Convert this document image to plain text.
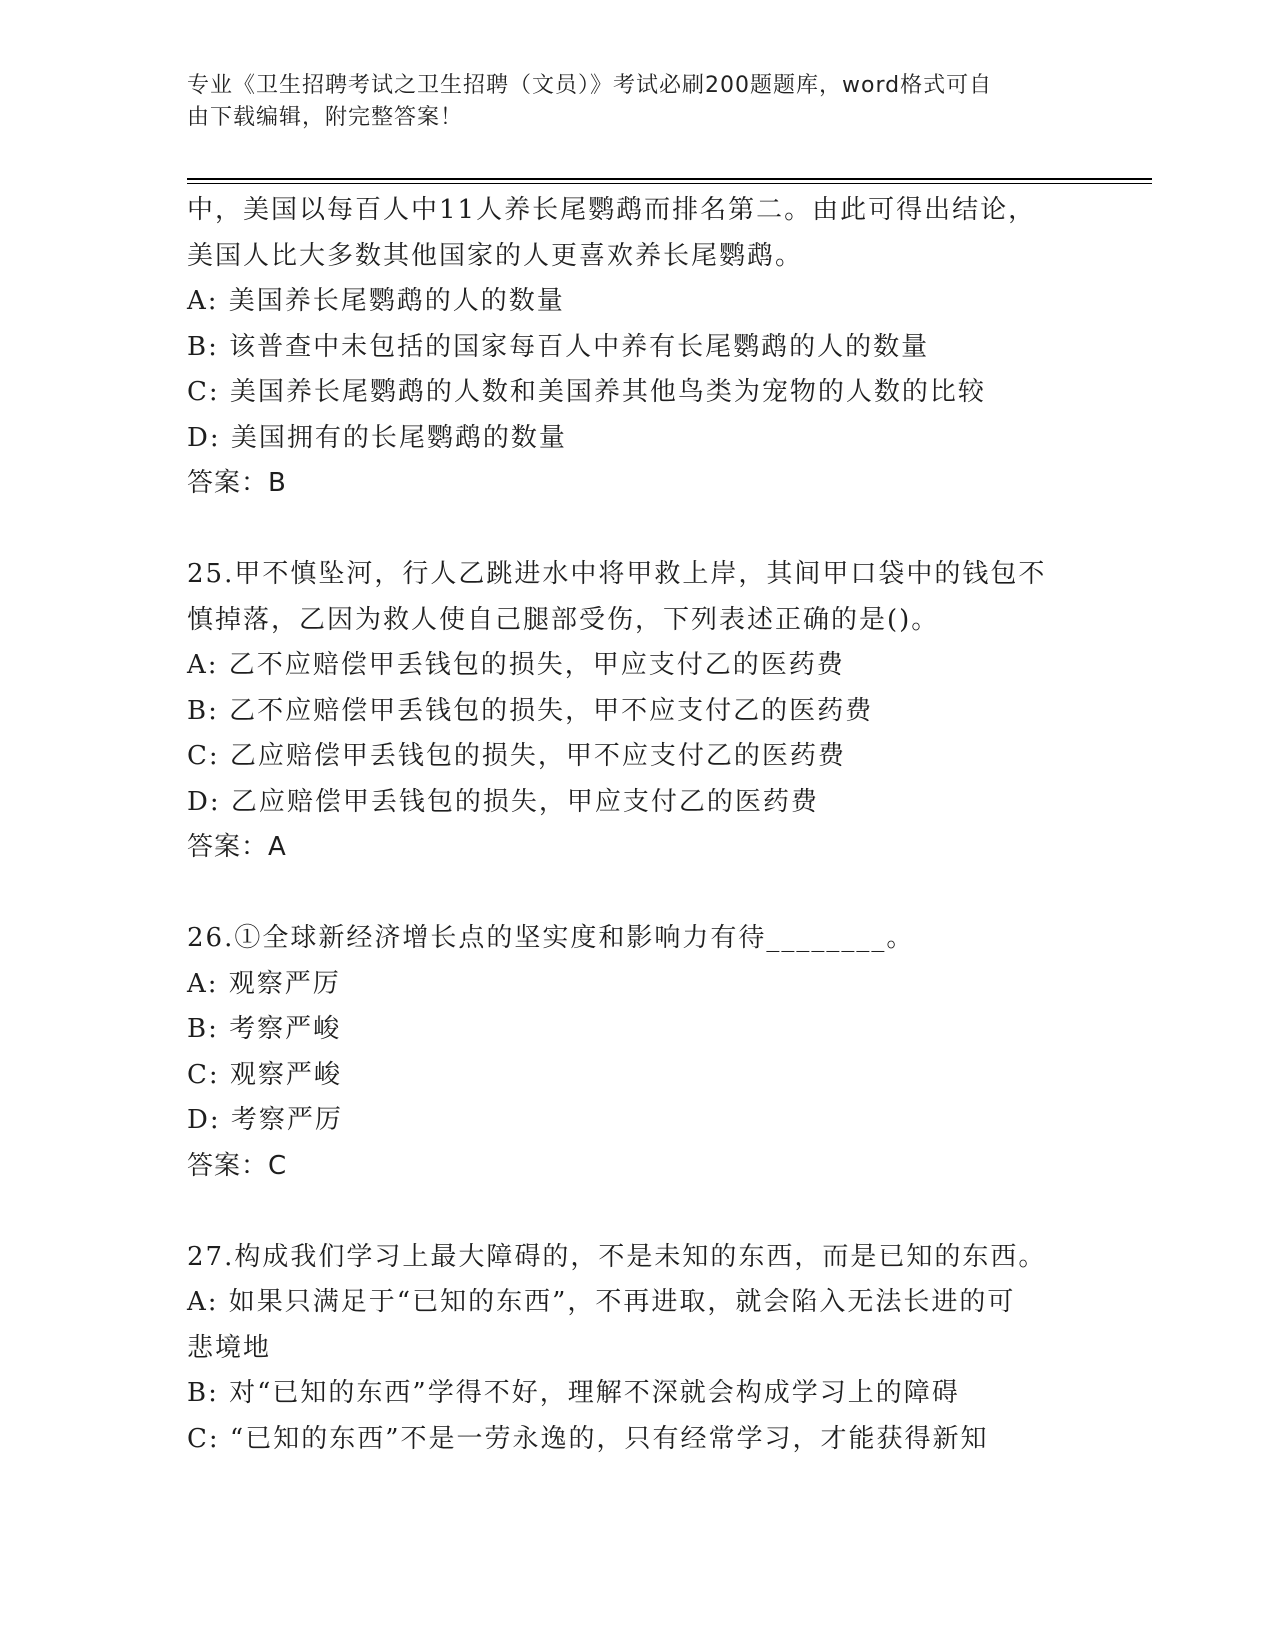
专业《卫生招聘考试之卫生招聘（文员）》考试必刷200题题库，word格式可自
由下载编辑，附完整答案！
中，美国以每百人中11人养长尾鹦鹉而排名第二。由此可得出结论，
美国人比大多数其他国家的人更喜欢养长尾鹦鹉。
A: 美国养长尾鹦鹉的人的数量
B: 该普查中未包括的国家每百人中养有长尾鹦鹉的人的数量
C: 美国养长尾鹦鹉的人数和美国养其他鸟类为宠物的人数的比较
D: 美国拥有的长尾鹦鹉的数量
答案：B
25.甲不慎坠河，行人乙跳进水中将甲救上岸，其间甲口袋中的钱包不
慎掉落，乙因为救人使自己腿部受伤，下列表述正确的是()。
A: 乙不应赔偿甲丢钱包的损失，甲应支付乙的医药费
B: 乙不应赔偿甲丢钱包的损失，甲不应支付乙的医药费
C: 乙应赔偿甲丢钱包的损失，甲不应支付乙的医药费
D: 乙应赔偿甲丢钱包的损失，甲应支付乙的医药费
答案：A
26.①全球新经济增长点的坚实度和影响力有待________。
A: 观察严厉
B: 考察严峻
C: 观察严峻
D: 考察严厉
答案：C
27.构成我们学习上最大障碍的，不是未知的东西，而是已知的东西。
A: 如果只满足于“已知的东西”，不再进取，就会陷入无法长进的可
悲境地
B: 对“已知的东西”学得不好，理解不深就会构成学习上的障碍
C: “已知的东西”不是一劳永逸的，只有经常学习，才能获得新知
